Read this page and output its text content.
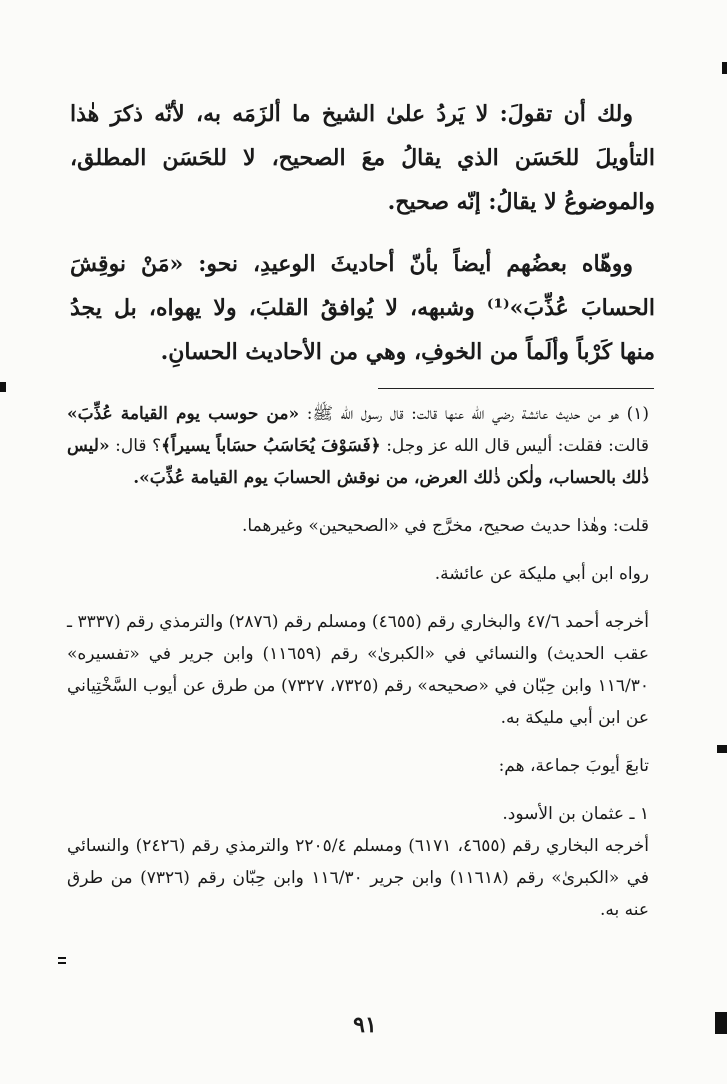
ولك أن تقولَ: لا يَردُ علىٰ الشيخ ما ألزَمَه به، لأنّه ذكرَ هٰذا التأويلَ للحَسَن الذي يقالُ معَ الصحيح، لا للحَسَن المطلق، والموضوعُ لا يقالُ: إنّه صحيح.

ووهّاه بعضُهم أيضاً بأنّ أحاديثَ الوعيدِ، نحو: «مَنْ نوقِشَ الحسابَ عُذِّبَ»⁽¹⁾ وشبهه، لا يُوافقُ القلبَ، ولا يهواه، بل يجدُ منها كَرْباً وألَماً من الخوفِ، وهي من الأحاديث الحسانِ.

(١) هو من حديث عائشة رضي الله عنها قالت: قال رسول الله ﷺ: «من حوسب يوم القيامة عُذِّبَ» قالت: فقلت: أليس قال الله عز وجل: ﴿فَسَوْفَ يُحَاسَبُ حسَاباً يسيراً﴾؟ قال: «ليس ذٰلك بالحساب، ولٰكن ذٰلك العرض، من نوقش الحسابَ يوم القيامة عُذِّبَ».

قلت: وهٰذا حديث صحيح، مخرَّج في «الصحيحين» وغيرهما.

رواه ابن أبي مليكة عن عائشة.

أخرجه أحمد ٤٧/٦ والبخاري رقم (٤٦٥٥) ومسلم رقم (٢٨٧٦) والترمذي رقم (٣٣٣٧ ـ عقب الحديث) والنسائي في «الكبرىٰ» رقم (١١٦٥٩) وابن جرير في «تفسيره» ١١٦/٣٠ وابن حِبّان في «صحيحه» رقم (٧٣٢٥، ٧٣٢٧) من طرق عن أيوب السَّخْتِياني عن ابن أبي مليكة به.

تابعَ أيوبَ جماعة، هم:

١ ـ عثمان بن الأسود.

أخرجه البخاري رقم (٤٦٥٥، ٦١٧١) ومسلم ٢٢٠٥/٤ والترمذي رقم (٢٤٢٦) والنسائي في «الكبرىٰ» رقم (١١٦١٨) وابن جرير ١١٦/٣٠ وابن حِبّان رقم (٧٣٢٦) من طرق عنه به.

٩١
